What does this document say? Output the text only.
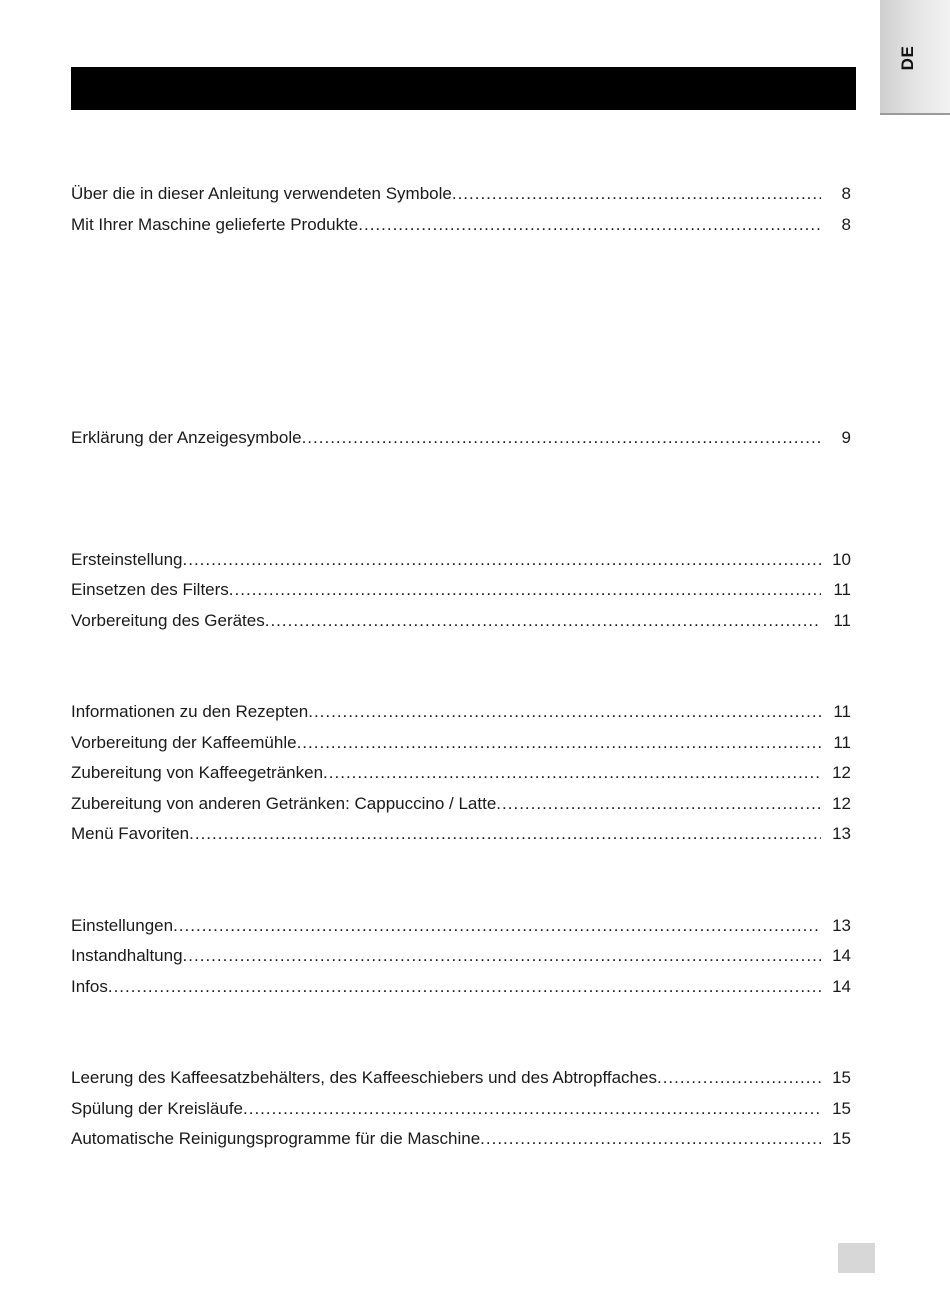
DE
Über die in dieser Anleitung verwendeten Symbole .....	8
Mit Ihrer Maschine gelieferte Produkte .....	8
Erklärung der Anzeigesymbole .....	9
Ersteinstellung .....	10
Einsetzen des Filters .....	11
Vorbereitung des Gerätes .....	11
Informationen zu den Rezepten .....	11
Vorbereitung der Kaffeemühle .....	11
Zubereitung von Kaffeegetränken .....	12
Zubereitung von anderen Getränken: Cappuccino / Latte .....	12
Menü Favoriten .....	13
Einstellungen .....	13
Instandhaltung .....	14
Infos .....	14
Leerung des Kaffeesatzbehälters, des Kaffeeschiebers und des Abtropffaches .....	15
Spülung der Kreisläufe .....	15
Automatische Reinigungsprogramme für die Maschine .....	15
